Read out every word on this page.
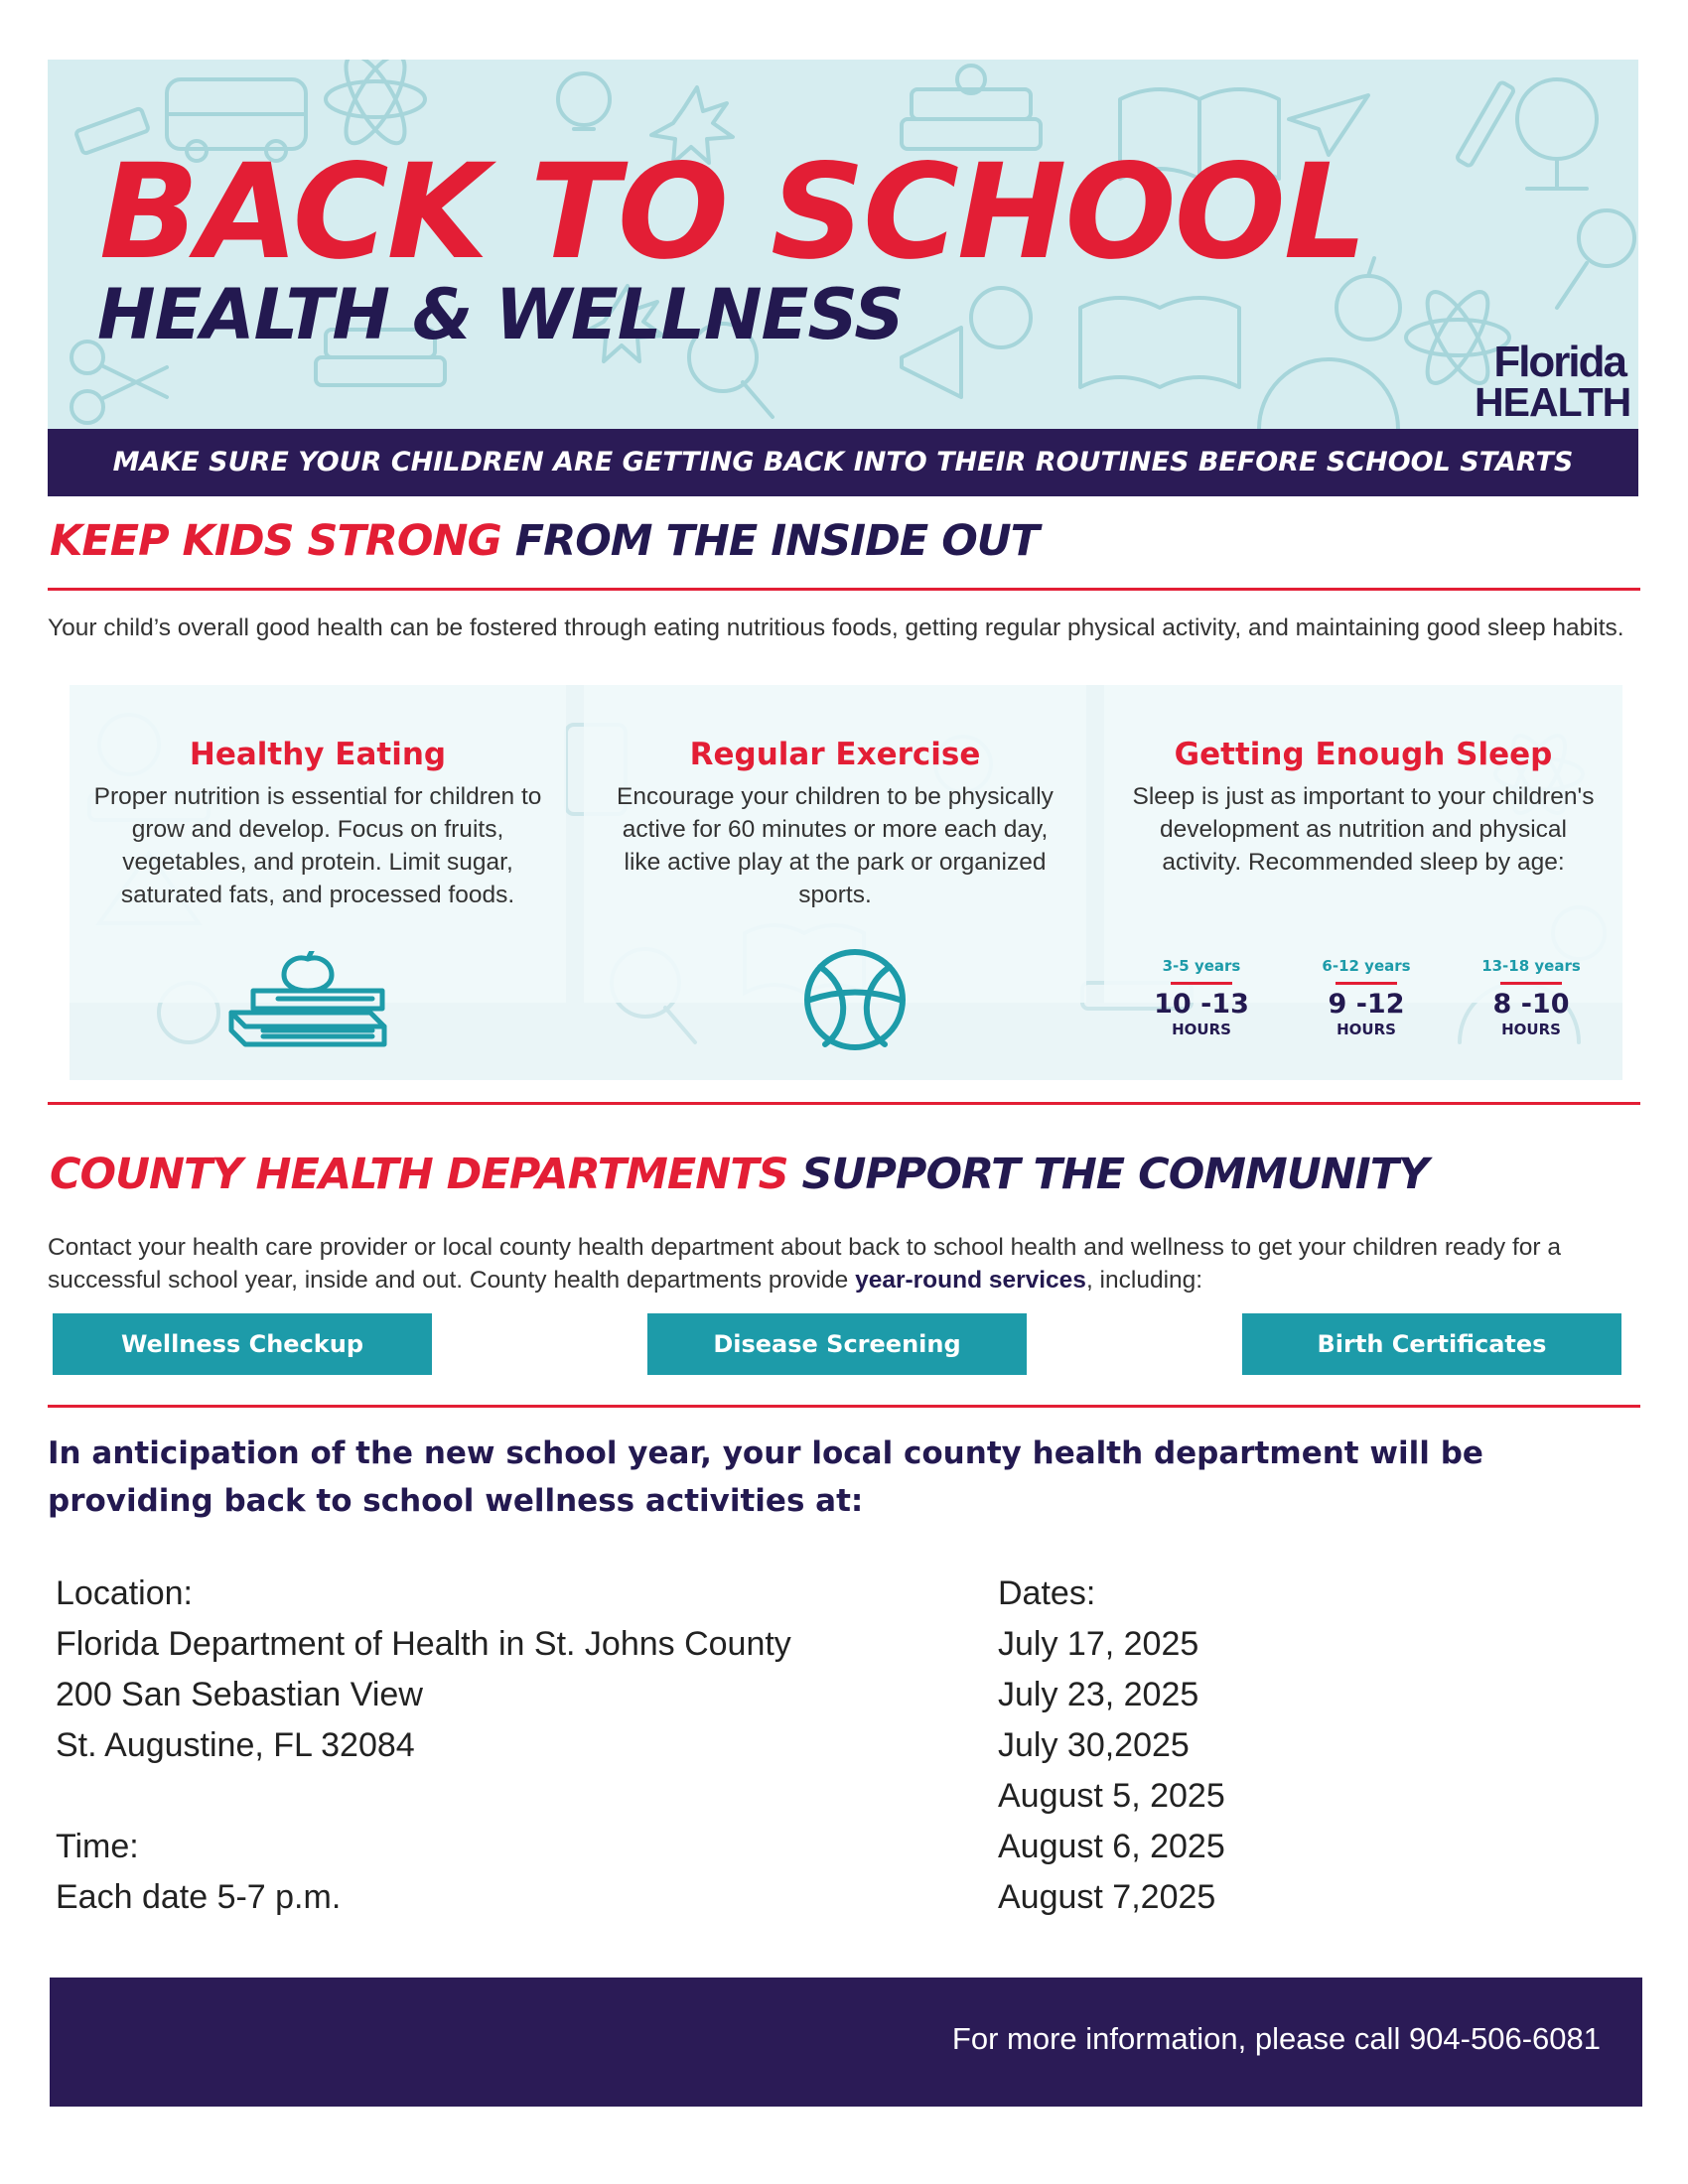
BACK TO SCHOOL
HEALTH & WELLNESS
Florida
HEALTH
MAKE SURE YOUR CHILDREN ARE GETTING BACK INTO THEIR ROUTINES BEFORE SCHOOL STARTS
KEEP KIDS STRONG FROM THE INSIDE OUT
Your child’s overall good health can be fostered through eating nutritious foods, getting regular physical activity, and maintaining good sleep habits.
Healthy Eating
Proper nutrition is essential for children to grow and develop. Focus on fruits, vegetables, and protein. Limit sugar, saturated fats, and processed foods.
Regular Exercise
Encourage your children to be physically active for 60 minutes or more each day, like active play at the park or organized sports.
Getting Enough Sleep
Sleep is just as important to your children's development as nutrition and physical activity. Recommended sleep by age:
3-5 years
10 -13
HOURS
6-12 years
9 -12
HOURS
13-18 years
8 -10
HOURS
COUNTY HEALTH DEPARTMENTS SUPPORT THE COMMUNITY
Contact your health care provider or local county health department about back to school health and wellness to get your children ready for a successful school year, inside and out. County health departments provide year-round services, including:
Wellness Checkup	Disease Screening	Birth Certificates
In anticipation of the new school year, your local county health department will be providing back to school wellness activities at:
Location:
Florida Department of Health in St. Johns County
200 San Sebastian View
St. Augustine, FL 32084
Time:
Each date 5-7 p.m.
Dates:
July 17, 2025
July 23, 2025
July 30,2025
August 5, 2025
August 6, 2025
August 7,2025
For more information, please call 904-506-6081
